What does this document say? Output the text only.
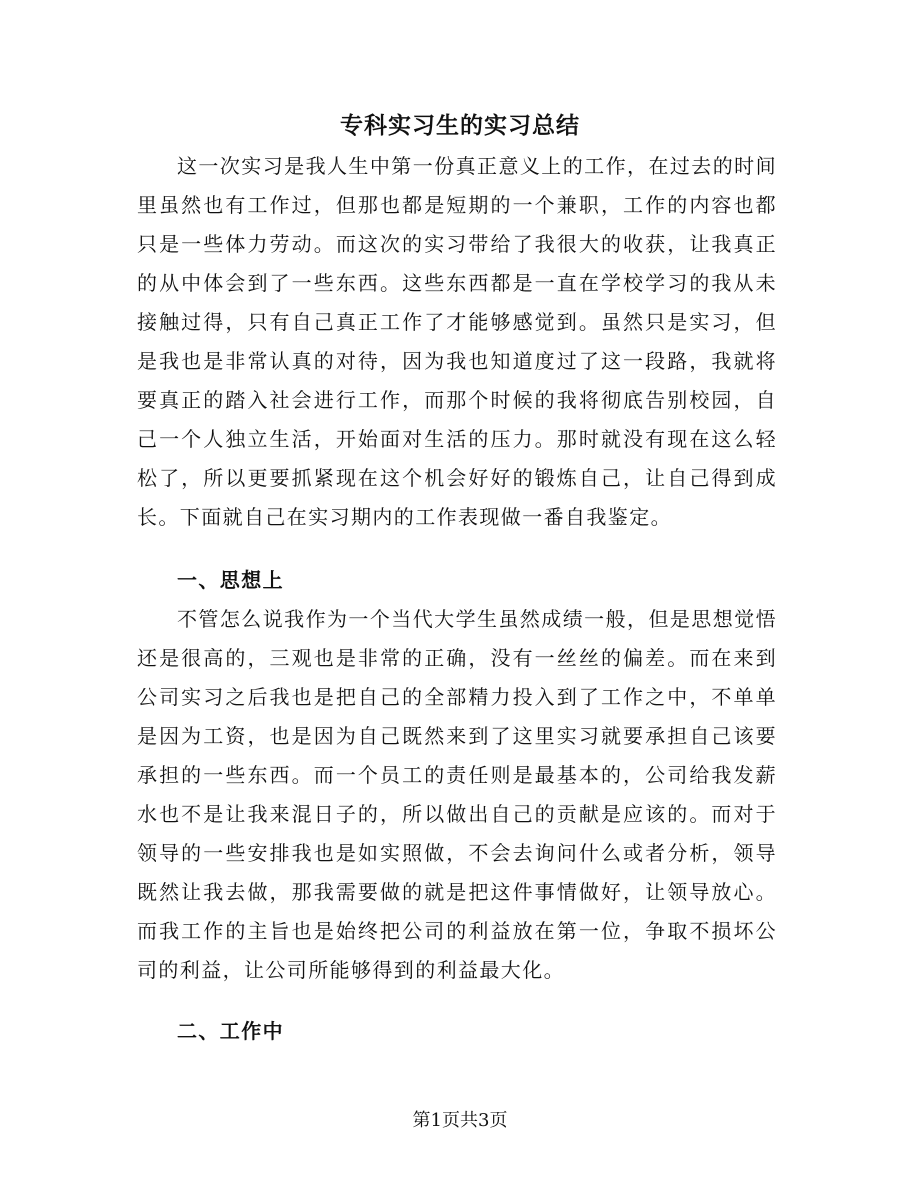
专科实习生的实习总结

这一次实习是我人生中第一份真正意义上的工作，在过去的时间里虽然也有工作过，但那也都是短期的一个兼职，工作的内容也都只是一些体力劳动。而这次的实习带给了我很大的收获，让我真正的从中体会到了一些东西。这些东西都是一直在学校学习的我从未接触过得，只有自己真正工作了才能够感觉到。虽然只是实习，但是我也是非常认真的对待，因为我也知道度过了这一段路，我就将要真正的踏入社会进行工作，而那个时候的我将彻底告别校园，自己一个人独立生活，开始面对生活的压力。那时就没有现在这么轻松了，所以更要抓紧现在这个机会好好的锻炼自己，让自己得到成长。下面就自己在实习期内的工作表现做一番自我鉴定。

一、思想上

不管怎么说我作为一个当代大学生虽然成绩一般，但是思想觉悟还是很高的，三观也是非常的正确，没有一丝丝的偏差。而在来到公司实习之后我也是把自己的全部精力投入到了工作之中，不单单是因为工资，也是因为自己既然来到了这里实习就要承担自己该要承担的一些东西。而一个员工的责任则是最基本的，公司给我发薪水也不是让我来混日子的，所以做出自己的贡献是应该的。而对于领导的一些安排我也是如实照做，不会去询问什么或者分析，领导既然让我去做，那我需要做的就是把这件事情做好，让领导放心。而我工作的主旨也是始终把公司的利益放在第一位，争取不损坏公司的利益，让公司所能够得到的利益最大化。

二、工作中

第1页共3页
